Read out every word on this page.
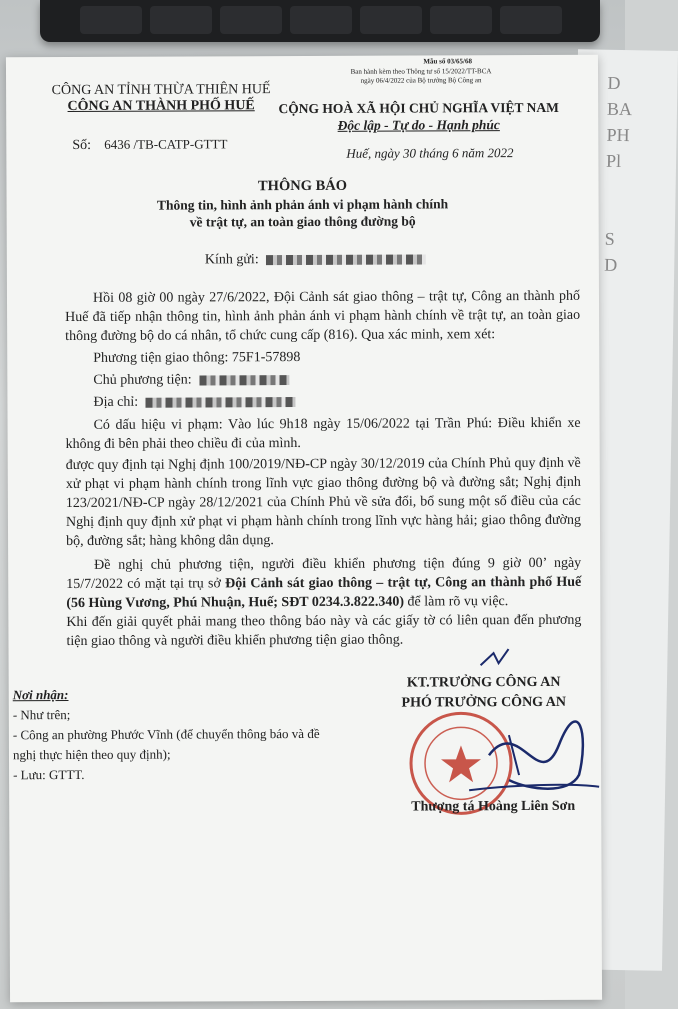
D
BA
PH
Pl

S
D
Mẫu số 03/65/68
Ban hành kèm theo Thông tư số 15/2022/TT-BCA
ngày 06/4/2022 của Bộ trưởng Bộ Công an
CÔNG AN TỈNH THỪA THIÊN HUẾ
CÔNG AN THÀNH PHỐ HUẾ	CỘNG HOÀ XÃ HỘI CHỦ NGHĨA VIỆT NAM
Độc lập - Tự do - Hạnh phúc
Số: 6436 /TB-CATP-GTTT
Huế, ngày 30 tháng 6 năm 2022
THÔNG BÁO
Thông tin, hình ảnh phản ánh vi phạm hành chính
về trật tự, an toàn giao thông đường bộ
Kính gửi:

Hồi 08 giờ 00 ngày 27/6/2022, Đội Cảnh sát giao thông – trật tự, Công an thành phố Huế đã tiếp nhận thông tin, hình ảnh phản ánh vi phạm hành chính về trật tự, an toàn giao thông đường bộ do cá nhân, tổ chức cung cấp (816). Qua xác minh, xem xét:

Phương tiện giao thông: 75F1-57898

Chủ phương tiện:

Địa chỉ:

Có dấu hiệu vi phạm: Vào lúc 9h18 ngày 15/06/2022 tại Trần Phú: Điều khiển xe không đi bên phải theo chiều đi của mình.

được quy định tại Nghị định 100/2019/NĐ-CP ngày 30/12/2019 của Chính Phủ quy định về xử phạt vi phạm hành chính trong lĩnh vực giao thông đường bộ và đường sắt; Nghị định 123/2021/NĐ-CP ngày 28/12/2021 của Chính Phủ về sửa đổi, bổ sung một số điều của các Nghị định quy định xử phạt vi phạm hành chính trong lĩnh vực hàng hải; giao thông đường bộ, đường sắt; hàng không dân dụng.

Đề nghị chủ phương tiện, người điều khiển phương tiện đúng 9 giờ 00’ ngày 15/7/2022 có mặt tại trụ sở Đội Cảnh sát giao thông – trật tự, Công an thành phố Huế (56 Hùng Vương, Phú Nhuận, Huế; SĐT 0234.3.822.340) để làm rõ vụ việc.

Khi đến giải quyết phải mang theo thông báo này và các giấy tờ có liên quan đến phương tiện giao thông và người điều khiển phương tiện giao thông.

Nơi nhận:
- Như trên;
- Công an phường Phước Vĩnh (để chuyển thông báo và đề nghị thực hiện theo quy định);
- Lưu: GTTT.
KT.TRƯỞNG CÔNG AN
PHÓ TRƯỞNG CÔNG AN
Thượng tá Hoàng Liên Sơn
